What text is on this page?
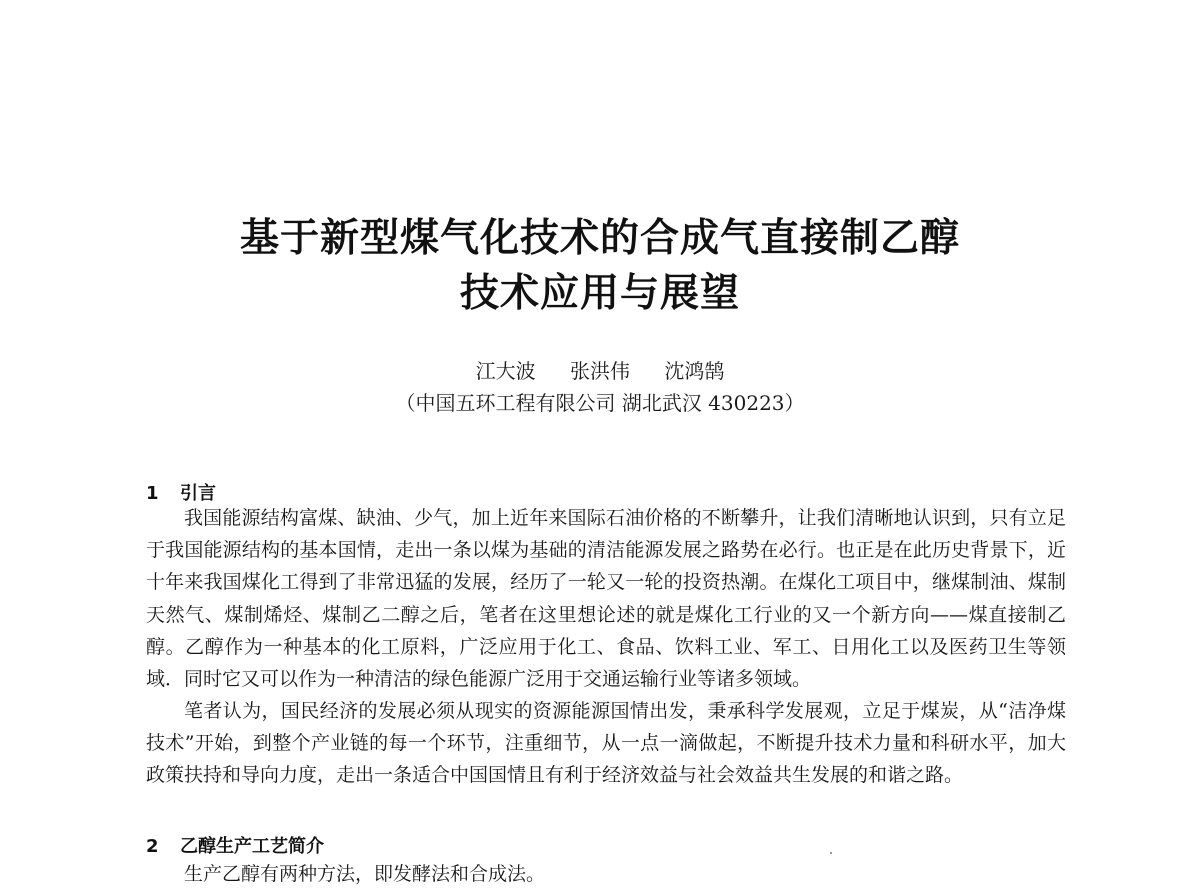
基于新型煤气化技术的合成气直接制乙醇
技术应用与展望
江大波 张洪伟 沈鸿鹄
（中国五环工程有限公司 湖北武汉 430223）
1 引言

我国能源结构富煤、缺油、少气，加上近年来国际石油价格的不断攀升，让我们清晰地认识到，只有立足于我国能源结构的基本国情，走出一条以煤为基础的清洁能源发展之路势在必行。也正是在此历史背景下，近十年来我国煤化工得到了非常迅猛的发展，经历了一轮又一轮的投资热潮。在煤化工项目中，继煤制油、煤制天然气、煤制烯烃、煤制乙二醇之后，笔者在这里想论述的就是煤化工行业的又一个新方向——煤直接制乙醇。乙醇作为一种基本的化工原料，广泛应用于化工、食品、饮料工业、军工、日用化工以及医药卫生等领域．同时它又可以作为一种清洁的绿色能源广泛用于交通运输行业等诸多领域。

笔者认为，国民经济的发展必须从现实的资源能源国情出发，秉承科学发展观，立足于煤炭，从“洁净煤技术”开始，到整个产业链的每一个环节，注重细节，从一点一滴做起，不断提升技术力量和科研水平，加大政策扶持和导向力度，走出一条适合中国国情且有利于经济效益与社会效益共生发展的和谐之路。

2 乙醇生产工艺简介

生产乙醇有两种方法，即发酵法和合成法。
